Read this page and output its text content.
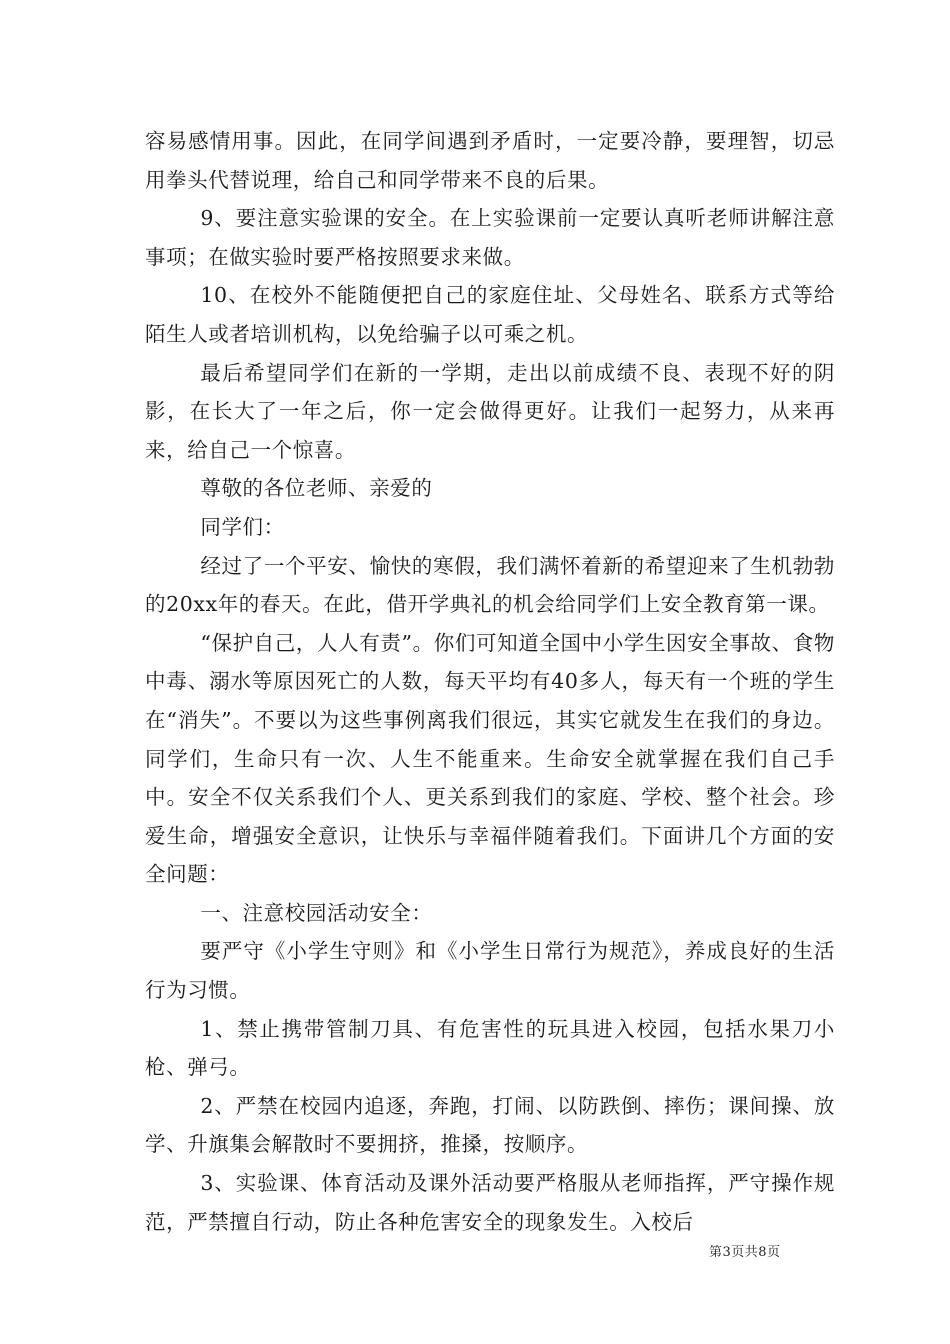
容易感情用事。因此，在同学间遇到矛盾时，一定要冷静，要理智，切忌用拳头代替说理，给自己和同学带来不良的后果。

9、要注意实验课的安全。在上实验课前一定要认真听老师讲解注意事项；在做实验时要严格按照要求来做。

10、在校外不能随便把自己的家庭住址、父母姓名、联系方式等给陌生人或者培训机构，以免给骗子以可乘之机。

最后希望同学们在新的一学期，走出以前成绩不良、表现不好的阴影，在长大了一年之后，你一定会做得更好。让我们一起努力，从来再来，给自己一个惊喜。

尊敬的各位老师、亲爱的

同学们：

经过了一个平安、愉快的寒假，我们满怀着新的希望迎来了生机勃勃的20xx年的春天。在此，借开学典礼的机会给同学们上安全教育第一课。

“保护自己，人人有责”。你们可知道全国中小学生因安全事故、食物中毒、溺水等原因死亡的人数，每天平均有40多人，每天有一个班的学生在“消失”。不要以为这些事例离我们很远，其实它就发生在我们的身边。同学们，生命只有一次、人生不能重来。生命安全就掌握在我们自己手中。安全不仅关系我们个人、更关系到我们的家庭、学校、整个社会。珍爱生命，增强安全意识，让快乐与幸福伴随着我们。下面讲几个方面的安全问题：

一、注意校园活动安全：

要严守《小学生守则》和《小学生日常行为规范》，养成良好的生活行为习惯。

1、禁止携带管制刀具、有危害性的玩具进入校园，包括水果刀小枪、弹弓。

2、严禁在校园内追逐，奔跑，打闹、以防跌倒、摔伤；课间操、放学、升旗集会解散时不要拥挤，推搡，按顺序。

3、实验课、体育活动及课外活动要严格服从老师指挥，严守操作规范，严禁擅自行动，防止各种危害安全的现象发生。入校后

第3页共8页
